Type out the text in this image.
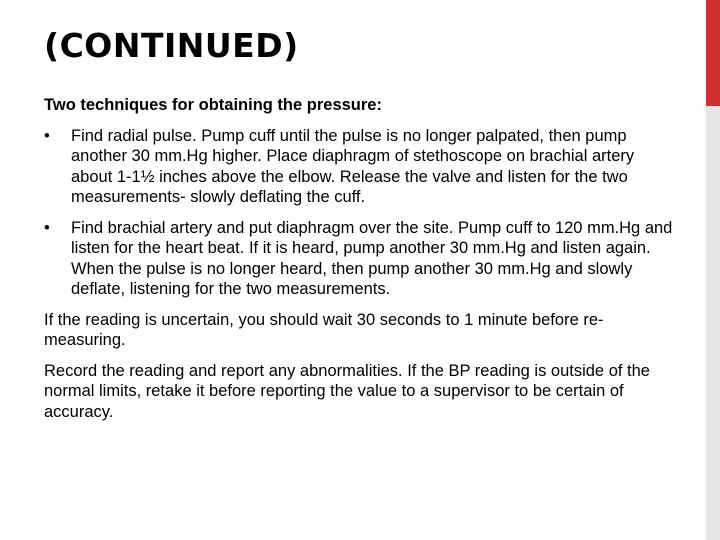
(CONTINUED)
Two techniques for obtaining the pressure:
• Find radial pulse. Pump cuff until the pulse is no longer palpated, then pump another 30 mm.Hg higher. Place diaphragm of stethoscope on brachial artery about 1-1½ inches above the elbow. Release the valve and listen for the two measurements- slowly deflating the cuff.
• Find brachial artery and put diaphragm over the site. Pump cuff to 120 mm.Hg and listen for the heart beat. If it is heard, pump another 30 mm.Hg and listen again. When the pulse is no longer heard, then pump another 30 mm.Hg and slowly deflate, listening for the two measurements.

If the reading is uncertain, you should wait 30 seconds to 1 minute before re-measuring.

Record the reading and report any abnormalities. If the BP reading is outside of the normal limits, retake it before reporting the value to a supervisor to be certain of accuracy.
